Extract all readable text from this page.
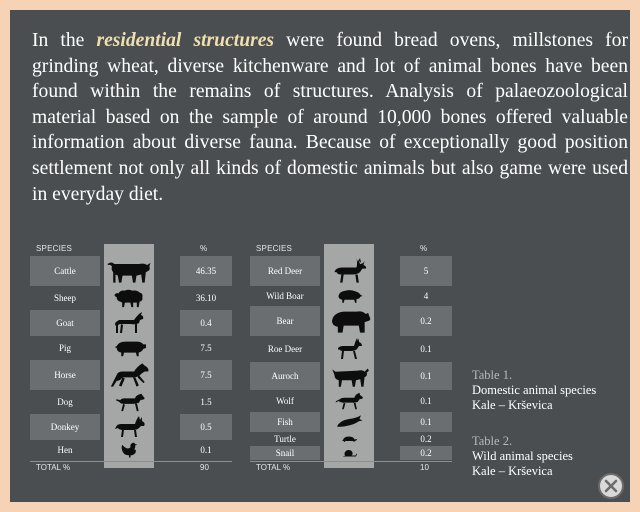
In the residential structures were found bread ovens, millstones for grinding wheat, diverse kitchenware and lot of animal bones have been found within the remains of structures. Analysis of palaeozoological material based on the sample of around 10,000 bones offered valuable information about diverse fauna. Because of exceptionally good position settlement not only all kinds of domestic animals but also game were used in everyday diet.

SPECIES	%
Cattle	46.35
Sheep	36.10
Goat	0.4
Pig	7.5
Horse	7.5
Dog	1.5
Donkey	0.5
Hen	0.1
TOTAL %	90
SPECIES	%
Red Deer	5
Wild Boar	4
Bear	0.2
Roe Deer	0.1
Auroch	0.1
Wolf	0.1
Fish	0.1
Turtle	0.2
Snail	0.2
TOTAL %	10
Table 1.
Domestic animal species
Kale – Krševica
Table 2.
Wild animal species
Kale – Krševica
